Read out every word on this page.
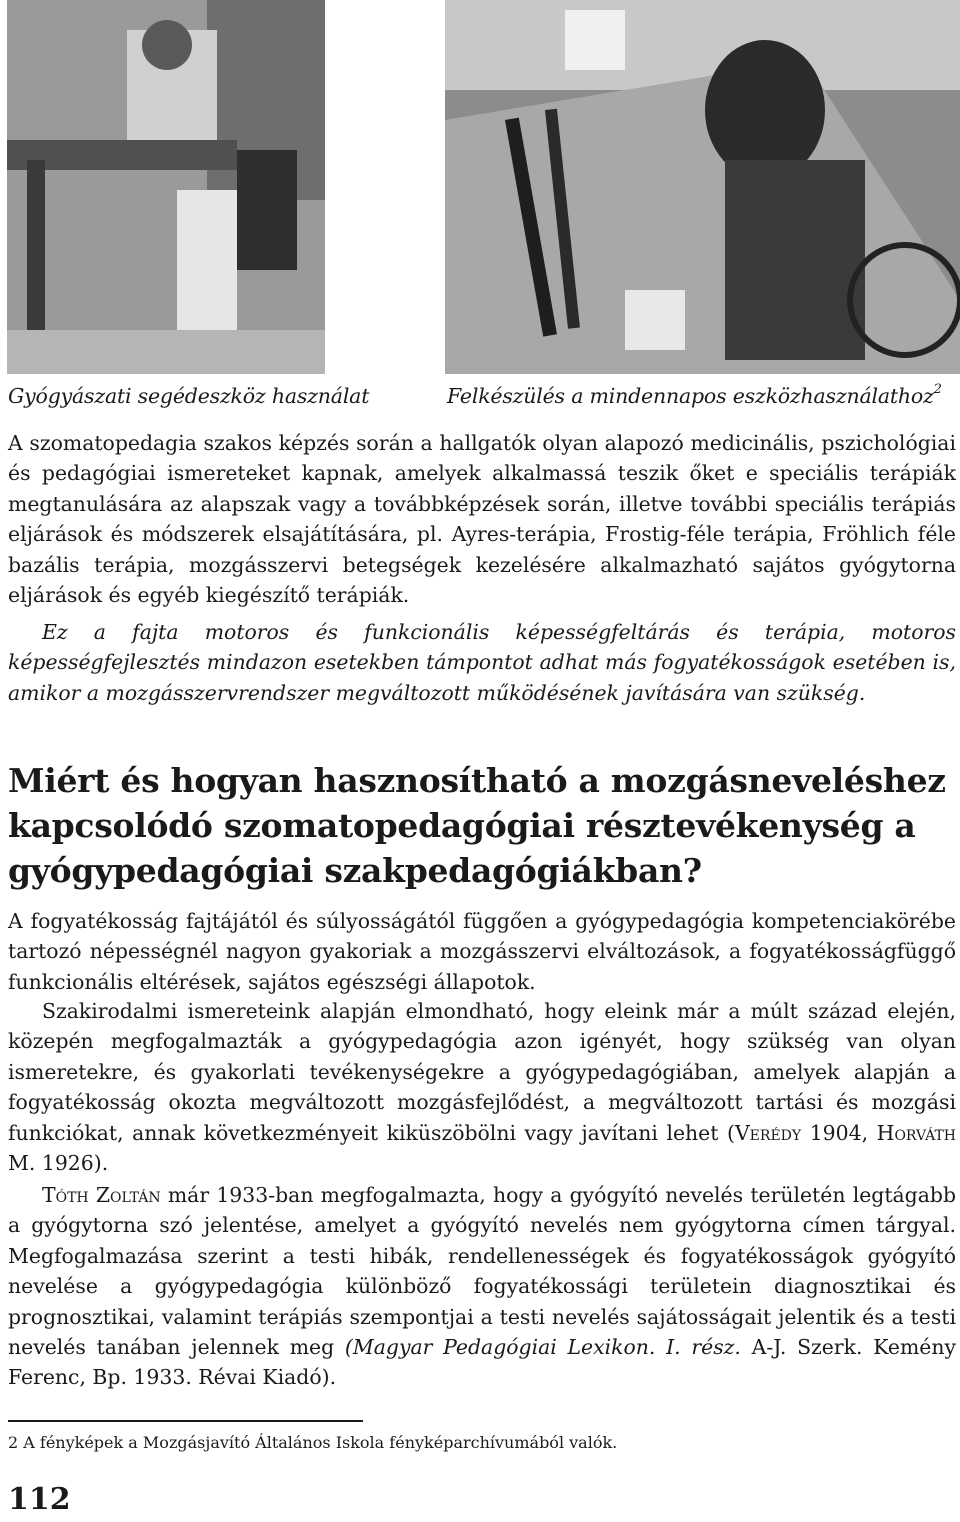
Gyógyászati segédeszköz használat	Felkészülés a mindennapos eszközhasználathoz$^2$

A szomatopedagia szakos képzés során a hallgatók olyan alapozó medicinális, pszichológiai és pedagógiai ismereteket kapnak, amelyek alkalmassá teszik őket e speciális terápiák megtanulására az alapszak vagy a továbbképzések során, illetve további speciális terápiás eljárások és módszerek elsajátítására, pl. Ayres-terápia, Frostig-féle terápia, Fröhlich féle bazális terápia, mozgásszervi betegségek kezelésére alkalmazható sajátos gyógytorna eljárások és egyéb kiegészítő terápiák.

Ez a fajta motoros és funkcionális képességfeltárás és terápia, motoros képességfejlesztés mindazon esetekben támpontot adhat más fogyatékosságok esetében is, amikor a mozgásszervrendszer megváltozott működésének javítására van szükség.

Miért és hogyan hasznosítható a mozgásneveléshez kapcsolódó szomatopedagógiai résztevékenység a gyógypedagógiai szakpedagógiákban?

A fogyatékosság fajtájától és súlyosságától függően a gyógypedagógia kompetenciakörébe tartozó népességnél nagyon gyakoriak a mozgásszervi elváltozások, a fogyatékosságfüggő funkcionális eltérések, sajátos egészségi állapotok.

Szakirodalmi ismereteink alapján elmondható, hogy eleink már a múlt század elején, közepén megfogalmazták a gyógypedagógia azon igényét, hogy szükség van olyan ismeretekre, és gyakorlati tevékenységekre a gyógypedagógiában, amelyek alapján a fogyatékosság okozta megváltozott mozgásfejlődést, a megváltozott tartási és mozgási funkciókat, annak következményeit kiküszöbölni vagy javítani lehet (Verédy 1904, Horváth M. 1926).

Tóth Zoltán már 1933-ban megfogalmazta, hogy a gyógyító nevelés területén legtágabb a gyógytorna szó jelentése, amelyet a gyógyító nevelés nem gyógytorna címen tárgyal. Megfogalmazása szerint a testi hibák, rendellenességek és fogyatékosságok gyógyító nevelése a gyógypedagógia különböző fogyatékossági területein diagnosztikai és prognosztikai, valamint terápiás szempontjai a testi nevelés sajátosságait jelentik és a testi nevelés tanában jelennek meg (Magyar Pedagógiai Lexikon. I. rész. A-J. Szerk. Kemény Ferenc, Bp. 1933. Révai Kiadó).

2 A fényképek a Mozgásjavító Általános Iskola fényképarchívumából valók.
112
